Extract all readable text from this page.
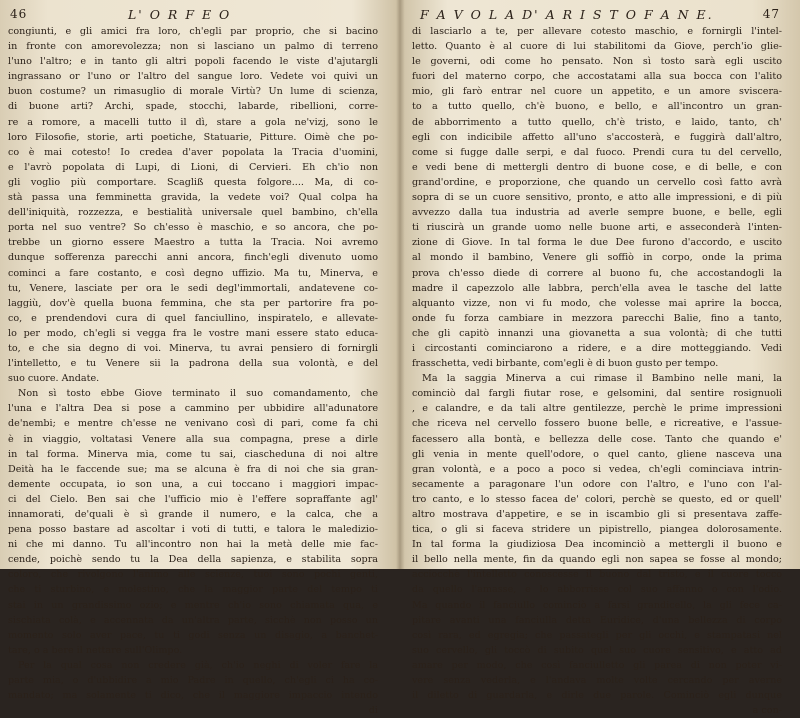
46	L' O R F E O
congiunti, e gli amici fra loro, ch'egli par proprio, che si bacino
in fronte con amorevolezza; non si lasciano un palmo di terreno
l'uno l'altro; e in tanto gli altri popoli facendo le viste d'ajutargli
ingrassano or l'uno or l'altro del sangue loro. Vedete voi quivi un
buon costume? un rimasuglio di morale Virtù? Un lume di scienza,
di buone arti? Archi, spade, stocchi, labarde, ribellioni, corre-
re a romore, a macelli tutto il dì, stare a gola ne'vizj, sono le
loro Filosofie, storie, arti poetiche, Statuarie, Pitture. Oimè che po-
co è mai cotesto! Io credea d'aver popolata la Tracia d'uomini,
e l'avrò popolata di Lupi, di Lioni, di Cervieri. Eh ch'io non
gli voglio più comportare. Scagliß questa folgore.... Ma, di co-
stà passa una femminetta gravida, la vedete voi? Qual colpa ha
dell'iniquità, rozzezza, e bestialità universale quel bambino, ch'ella
porta nel suo ventre? So ch'esso è maschio, e so ancora, che po-
trebbe un giorno essere Maestro a tutta la Tracia. Noi avremo
dunque sofferenza parecchi anni ancora, finch'egli divenuto uomo
cominci a fare costanto, e così degno uffizio. Ma tu, Minerva, e
tu, Venere, lasciate per ora le sedi degl'immortali, andatevene co-
laggiù, dov'è quella buona femmina, che sta per partorire fra po-
co, e prendendovi cura di quel fanciullino, inspiratelo, e allevate-
lo per modo, ch'egli si vegga fra le vostre mani essere stato educa-
to, e che sia degno di voi. Minerva, tu avrai pensiero di fornirgli
l'intelletto, e tu Venere sii la padrona della sua volontà, e del
suo cuore. Andate.
Non sì tosto ebbe Giove terminato il suo comandamento, che
l'una e l'altra Dea si pose a cammino per ubbidire all'adunatore
de'nembi; e mentre ch'esse ne venivano così di pari, come fa chi
è in viaggio, voltatasi Venere alla sua compagna, prese a dirle
in tal forma. Minerva mia, come tu sai, ciascheduna di noi altre
Deità ha le faccende sue; ma se alcuna è fra di noi che sia gran-
demente occupata, io son una, a cui toccano i maggiori impac-
ci del Cielo. Ben sai che l'ufficio mio è l'effere sopraffante agl'
innamorati, de'quali è sì grande il numero, e la calca, che a
pena posso bastare ad ascoltar i voti di tutti, e talora le maledizio-
ni che mi danno. Tu all'incontro non hai la metà delle mie fac-
cende, poichè sendo tu la Dea della sapienza, e stabilita sopra
coloro, che rivolgono l'animo alle scienze, tuoi sono pochi genti,
che ti sturbino, e molestino, che la maggior parte del tempo ti
stai in un grandissimo ozio; e mentre ch'io sono chiamata qua, e
sischiata colà, e accennata da un'altra parte, sicchè non posso un
momento solo aver pace, tu ti godi senza un disagio, a banchet-
tare, o a bere il nettare sull'Olimpo.
Per la qual cosa non credere già, ch'io neghi di voler fare la
parte mia, o d'ubbidire a mio Padre in quello, ch'egli ci ha co-
mandato; ma solamente ti dico, che il maggiore impaccio intendo
di
F A V O L A D' A R I S T O F A N E.	47
di lasciarlo a te, per allevare cotesto maschio, e fornirgli l'intel-
letto. Quanto è al cuore di lui stabilitomi da Giove, perch'io glie-
le governi, odi come ho pensato. Non sì tosto sarà egli uscito
fuori del materno corpo, che accostatami alla sua bocca con l'alito
mio, gli farò entrar nel cuore un appetito, e un amore sviscera-
to a tutto quello, ch'è buono, e bello, e all'incontro un gran-
de abborrimento a tutto quello, ch'è tristo, e laido, tanto, ch'
egli con indicibile affetto all'uno s'accosterà, e fuggirà dall'altro,
come si fugge dalle serpi, e dal fuoco. Prendi cura tu del cervello,
e vedi bene di mettergli dentro di buone cose, e di belle, e con
grand'ordine, e proporzione, che quando un cervello così fatto avrà
sopra di se un cuore sensitivo, pronto, e atto alle impressioni, e di più
avvezzo dalla tua industria ad averle sempre buone, e belle, egli
ti riuscirà un grande uomo nelle buone arti, e asseconderà l'inten-
zione di Giove. In tal forma le due Dee furono d'accordo, e uscito
al mondo il bambino, Venere gli soffiò in corpo, onde la prima
prova ch'esso diede di correre al buono fu, che accostandogli la
madre il capezzolo alle labbra, perch'ella avea le tasche del latte
alquanto vizze, non vi fu modo, che volesse mai aprire la bocca,
onde fu forza cambiare in mezzora parecchi Balie, fino a tanto,
che gli capitò innanzi una giovanetta a sua volontà; di che tutti
i circostanti cominciarono a ridere, e a dire motteggiando. Vedi
frasschetta, vedi birbante, com'egli è di buon gusto per tempo.
Ma la saggia Minerva a cui rimase il Bambino nelle mani, la
cominciò dal fargli fiutar rose, e gelsomini, dal sentire rosignuoli
, e calandre, e da tali altre gentilezze, perchè le prime impressioni
che riceva nel cervello fossero buone belle, e ricreative, e l'assue-
facessero alla bontà, e bellezza delle cose. Tanto che quando e'
gli venia in mente quell'odore, o quel canto, gliene nasceva una
gran volontà, e a poco a poco si vedea, ch'egli cominciava intrin-
secamente a paragonare l'un odore con l'altro, e l'uno con l'al-
tro canto, e lo stesso facea de' colori, perchè se questo, ed or quell'
altro mostrava d'appetire, e se in iscambio gli si presentava zaffe-
tica, o gli si faceva stridere un pipistrello, piangea dolorosamente.
In tal forma la giudiziosa Dea incominciò a mettergli il buono e
il bello nella mente, fin da quando egli non sapea se fosse al mondo;
acciocchè l'intelletto conoscesse il buono dal tristo, e il cuore tocco
da quello l'amasse, e lo abborrisse col suo affanno o con l'odio.
Ma quando il fanciullo cominciò a farsi grandicello, la gli fece ca-
pitare avanti una fanciulla detta Euridice, d'una bellezza di corpo
così rara, ed egregia; che passategli per gli occhi, e stampatasi nel
suo cervello, gli toccò di subito quel suo cuore sensitivo, e atto ad
amare per modo, che così fanciulletto gli parea di non poter vi-
vere senza vederla, e l'andava molte volte cercando per averne
il diletto di guardarla, e dirle due parole. Cominciò egli dunque
a con-
